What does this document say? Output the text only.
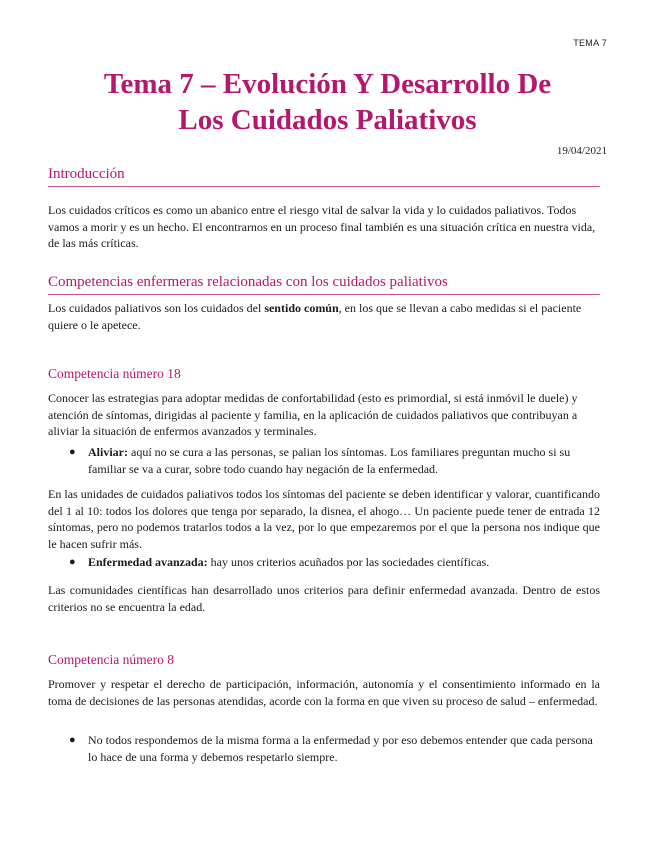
TEMA 7
Tema 7 – Evolución Y Desarrollo De
Los Cuidados Paliativos
19/04/2021
Introducción
Los cuidados críticos es como un abanico entre el riesgo vital de salvar la vida y lo cuidados paliativos. Todos vamos a morir y es un hecho. El encontrarnos en un proceso final también es una situación crítica en nuestra vida, de las más críticas.
Competencias enfermeras relacionadas con los cuidados paliativos
Los cuidados paliativos son los cuidados del sentido común, en los que se llevan a cabo medidas si el paciente quiere o le apetece.
Competencia número 18
Conocer las estrategias para adoptar medidas de confortabilidad (esto es primordial, si está inmóvil le duele) y atención de síntomas, dirigidas al paciente y familia, en la aplicación de cuidados paliativos que contribuyan a aliviar la situación de enfermos avanzados y terminales.
● Aliviar: aquí no se cura a las personas, se palian los síntomas. Los familiares preguntan mucho si su familiar se va a curar, sobre todo cuando hay negación de la enfermedad.
En las unidades de cuidados paliativos todos los síntomas del paciente se deben identificar y valorar, cuantificando del 1 al 10: todos los dolores que tenga por separado, la disnea, el ahogo… Un paciente puede tener de entrada 12 síntomas, pero no podemos tratarlos todos a la vez, por lo que empezaremos por el que la persona nos indique que le hacen sufrir más.
● Enfermedad avanzada: hay unos criterios acuñados por las sociedades científicas.
Las comunidades científicas han desarrollado unos criterios para definir enfermedad avanzada. Dentro de estos criterios no se encuentra la edad.
Competencia número 8
Promover y respetar el derecho de participación, información, autonomía y el consentimiento informado en la toma de decisiones de las personas atendidas, acorde con la forma en que viven su proceso de salud – enfermedad.
● No todos respondemos de la misma forma a la enfermedad y por eso debemos entender que cada persona lo hace de una forma y debemos respetarlo siempre.
